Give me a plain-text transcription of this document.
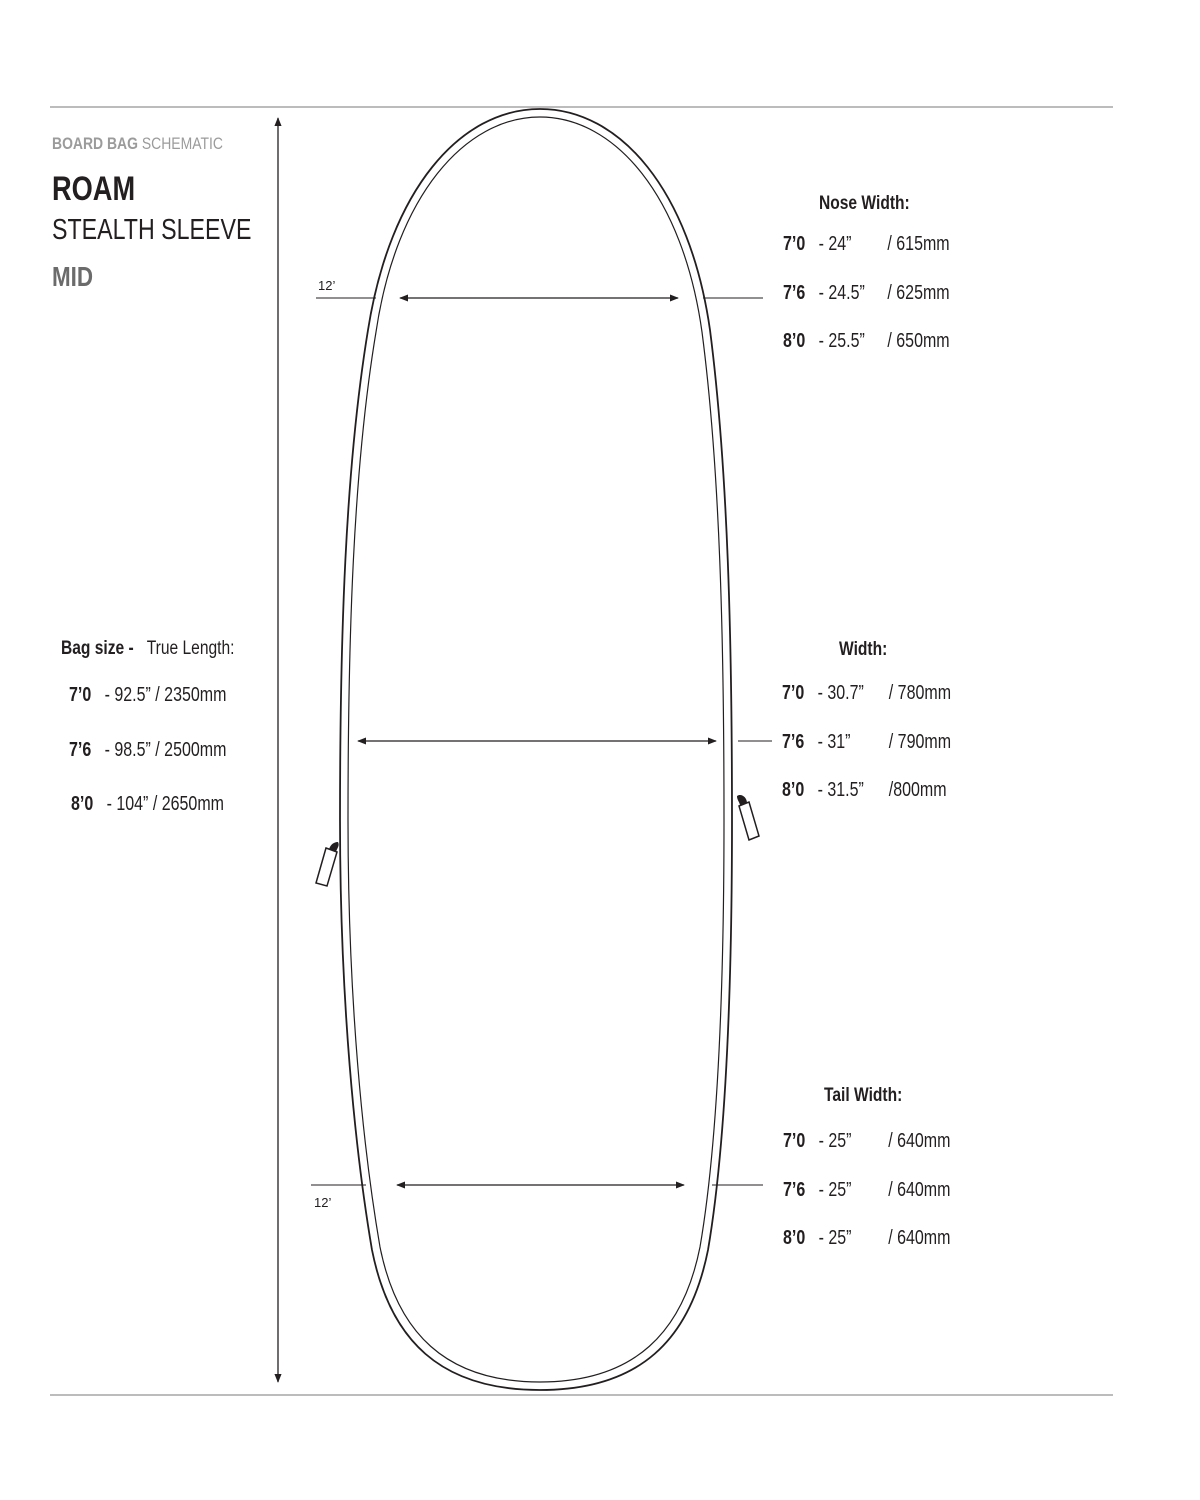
BOARD BAG SCHEMATIC
ROAM
STEALTH SLEEVE
MID	12’
12’
Bag size - True Length:
7’0 - 92.5” / 2350mm
7’6 - 98.5” / 2500mm
8’0 - 104” / 2650mm
Nose Width:
7’0 - 24” / 615mm
7’6 - 24.5” / 625mm
8’0 - 25.5” / 650mm
Width:
7’0 - 30.7” / 780mm
7’6 - 31” / 790mm
8’0 - 31.5” /800mm
Tail Width:
7’0 - 25” / 640mm
7’6 - 25” / 640mm
8’0 - 25” / 640mm
